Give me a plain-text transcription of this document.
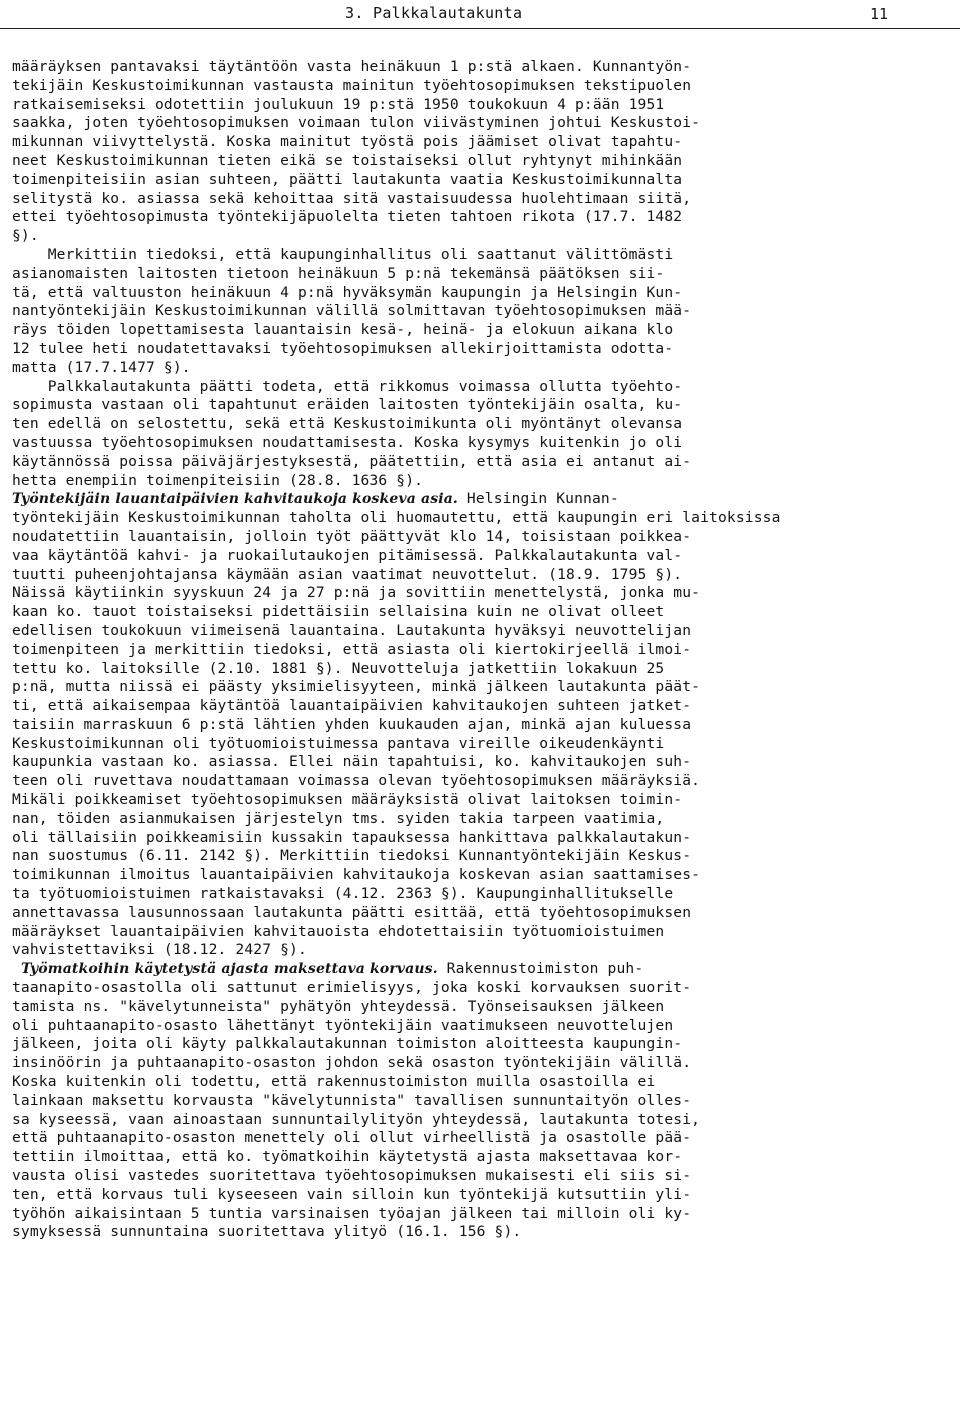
3. Palkkalautakunta	11
määräyksen pantavaksi täytäntöön vasta heinäkuun 1 p:stä alkaen. Kunnantyön-
tekijäin Keskustoimikunnan vastausta mainitun työehtosopimuksen tekstipuolen
ratkaisemiseksi odotettiin joulukuun 19 p:stä 1950 toukokuun 4 p:ään 1951
saakka, joten työehtosopimuksen voimaan tulon viivästyminen johtui Keskustoi-
mikunnan viivyttelystä. Koska mainitut työstä pois jäämiset olivat tapahtu-
neet Keskustoimikunnan tieten eikä se toistaiseksi ollut ryhtynyt mihinkään
toimenpiteisiin asian suhteen, päätti lautakunta vaatia Keskustoimikunnalta
selitystä ko. asiassa sekä kehoittaa sitä vastaisuudessa huolehtimaan siitä,
ettei työehtosopimusta työntekijäpuolelta tieten tahtoen rikota (17.7. 1482
§).
Merkittiin tiedoksi, että kaupunginhallitus oli saattanut välittömästi
asianomaisten laitosten tietoon heinäkuun 5 p:nä tekemänsä päätöksen sii-
tä, että valtuuston heinäkuun 4 p:nä hyväksymän kaupungin ja Helsingin Kun-
nantyöntekijäin Keskustoimikunnan välillä solmittavan työehtosopimuksen mää-
räys töiden lopettamisesta lauantaisin kesä-, heinä- ja elokuun aikana klo
12 tulee heti noudatettavaksi työehtosopimuksen allekirjoittamista odotta-
matta (17.7.1477 §).
Palkkalautakunta päätti todeta, että rikkomus voimassa ollutta työehto-
sopimusta vastaan oli tapahtunut eräiden laitosten työntekijäin osalta, ku-
ten edellä on selostettu, sekä että Keskustoimikunta oli myöntänyt olevansa
vastuussa työehtosopimuksen noudattamisesta. Koska kysymys kuitenkin jo oli
käytännössä poissa päiväjärjestyksestä, päätettiin, että asia ei antanut ai-
hetta enempiin toimenpiteisiin (28.8. 1636 §).
Työntekijäin lauantaipäivien kahvitaukoja koskeva asia. Helsingin Kunnan-
työntekijäin Keskustoimikunnan taholta oli huomautettu, että kaupungin eri laitoksissa
noudatettiin lauantaisin, jolloin työt päättyvät klo 14, toisistaan poikkea-
vaa käytäntöä kahvi- ja ruokailutaukojen pitämisessä. Palkkalautakunta val-
tuutti puheenjohtajansa käymään asian vaatimat neuvottelut. (18.9. 1795 §).
Näissä käytiinkin syyskuun 24 ja 27 p:nä ja sovittiin menettelystä, jonka mu-
kaan ko. tauot toistaiseksi pidettäisiin sellaisina kuin ne olivat olleet
edellisen toukokuun viimeisenä lauantaina. Lautakunta hyväksyi neuvottelijan
toimenpiteen ja merkittiin tiedoksi, että asiasta oli kiertokirjeellä ilmoi-
tettu ko. laitoksille (2.10. 1881 §). Neuvotteluja jatkettiin lokakuun 25
p:nä, mutta niissä ei päästy yksimielisyyteen, minkä jälkeen lautakunta päät-
ti, että aikaisempaa käytäntöä lauantaipäivien kahvitaukojen suhteen jatket-
taisiin marraskuun 6 p:stä lähtien yhden kuukauden ajan, minkä ajan kuluessa
Keskustoimikunnan oli työtuomioistuimessa pantava vireille oikeudenkäynti
kaupunkia vastaan ko. asiassa. Ellei näin tapahtuisi, ko. kahvitaukojen suh-
teen oli ruvettava noudattamaan voimassa olevan työehtosopimuksen määräyksiä.
Mikäli poikkeamiset työehtosopimuksen määräyksistä olivat laitoksen toimin-
nan, töiden asianmukaisen järjestelyn tms. syiden takia tarpeen vaatimia,
oli tällaisiin poikkeamisiin kussakin tapauksessa hankittava palkkalautakun-
nan suostumus (6.11. 2142 §). Merkittiin tiedoksi Kunnantyöntekijäin Keskus-
toimikunnan ilmoitus lauantaipäivien kahvitaukoja koskevan asian saattamises-
ta työtuomioistuimen ratkaistavaksi (4.12. 2363 §). Kaupunginhallitukselle
annettavassa lausunnossaan lautakunta päätti esittää, että työehtosopimuksen
määräykset lauantaipäivien kahvitauoista ehdotettaisiin työtuomioistuimen
vahvistettaviksi (18.12. 2427 §).
Työmatkoihin käytetystä ajasta maksettava korvaus. Rakennustoimiston puh-
taanapito-osastolla oli sattunut erimielisyys, joka koski korvauksen suorit-
tamista ns. "kävelytunneista" pyhätyön yhteydessä. Työnseisauksen jälkeen
oli puhtaanapito-osasto lähettänyt työntekijäin vaatimukseen neuvottelujen
jälkeen, joita oli käyty palkkalautakunnan toimiston aloitteesta kaupungin-
insinöörin ja puhtaanapito-osaston johdon sekä osaston työntekijäin välillä.
Koska kuitenkin oli todettu, että rakennustoimiston muilla osastoilla ei
lainkaan maksettu korvausta "kävelytunnista" tavallisen sunnuntaityön olles-
sa kyseessä, vaan ainoastaan sunnuntailylityön yhteydessä, lautakunta totesi,
että puhtaanapito-osaston menettely oli ollut virheellistä ja osastolle pää-
tettiin ilmoittaa, että ko. työmatkoihin käytetystä ajasta maksettavaa kor-
vausta olisi vastedes suoritettava työehtosopimuksen mukaisesti eli siis si-
ten, että korvaus tuli kyseeseen vain silloin kun työntekijä kutsuttiin yli-
työhön aikaisintaan 5 tuntia varsinaisen työajan jälkeen tai milloin oli ky-
symyksessä sunnuntaina suoritettava ylityö (16.1. 156 §).
